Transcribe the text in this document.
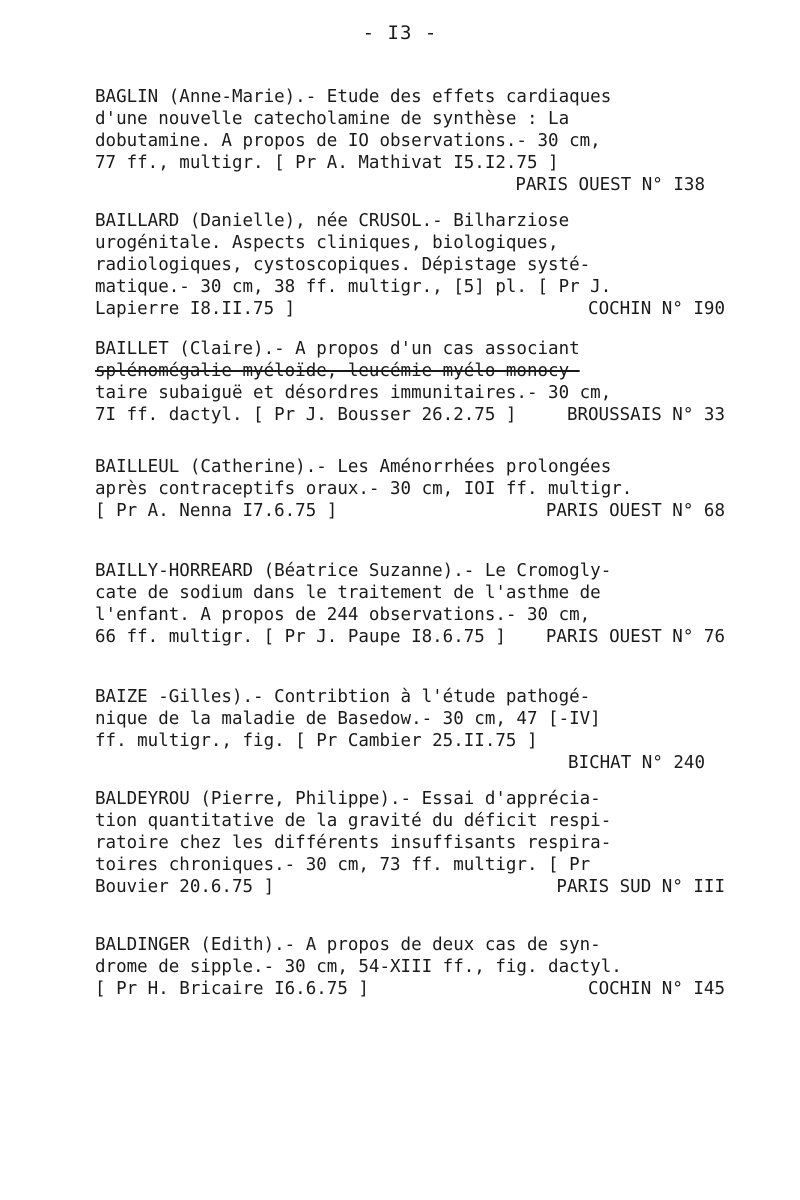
- I3 -
BAGLIN (Anne-Marie).- Etude des effets cardiaques
d'une nouvelle catecholamine de synthèse : La
dobutamine. A propos de IO observations.- 30 cm,
77 ff., multigr. [ Pr A. Mathivat I5.I2.75 ]
PARIS OUEST N° I38
BAILLARD (Danielle), née CRUSOL.- Bilharziose
urogénitale. Aspects cliniques, biologiques,
radiologiques, cystoscopiques. Dépistage systé-
matique.- 30 cm, 38 ff. multigr., [5] pl. [ Pr J.
Lapierre I8.II.75 ]	COCHIN N° I90
BAILLET (Claire).- A propos d'un cas associant
splénomégalie myéloïde, leucémie myélo-monocy-
taire subaiguë et désordres immunitaires.- 30 cm,
7I ff. dactyl. [ Pr J. Bousser 26.2.75 ]	BROUSSAIS N° 33
BAILLEUL (Catherine).- Les Aménorrhées prolongées
après contraceptifs oraux.- 30 cm, IOI ff. multigr.
[ Pr A. Nenna I7.6.75 ]	PARIS OUEST N° 68
BAILLY-HORREARD (Béatrice Suzanne).- Le Cromogly-
cate de sodium dans le traitement de l'asthme de
l'enfant. A propos de 244 observations.- 30 cm,
66 ff. multigr. [ Pr J. Paupe I8.6.75 ] PARIS OUEST N° 76
BAIZE -Gilles).- Contribtion à l'étude pathogé-
nique de la maladie de Basedow.- 30 cm, 47 [-IV]
ff. multigr., fig. [ Pr Cambier 25.II.75 ]
BICHAT N° 240
BALDEYROU (Pierre, Philippe).- Essai d'apprécia-
tion quantitative de la gravité du déficit respi-
ratoire chez les différents insuffisants respira-
toires chroniques.- 30 cm, 73 ff. multigr. [ Pr
Bouvier 20.6.75 ]	PARIS SUD N° III
BALDINGER (Edith).- A propos de deux cas de syn-
drome de sipple.- 30 cm, 54-XIII ff., fig. dactyl.
[ Pr H. Bricaire I6.6.75 ]	COCHIN N° I45
